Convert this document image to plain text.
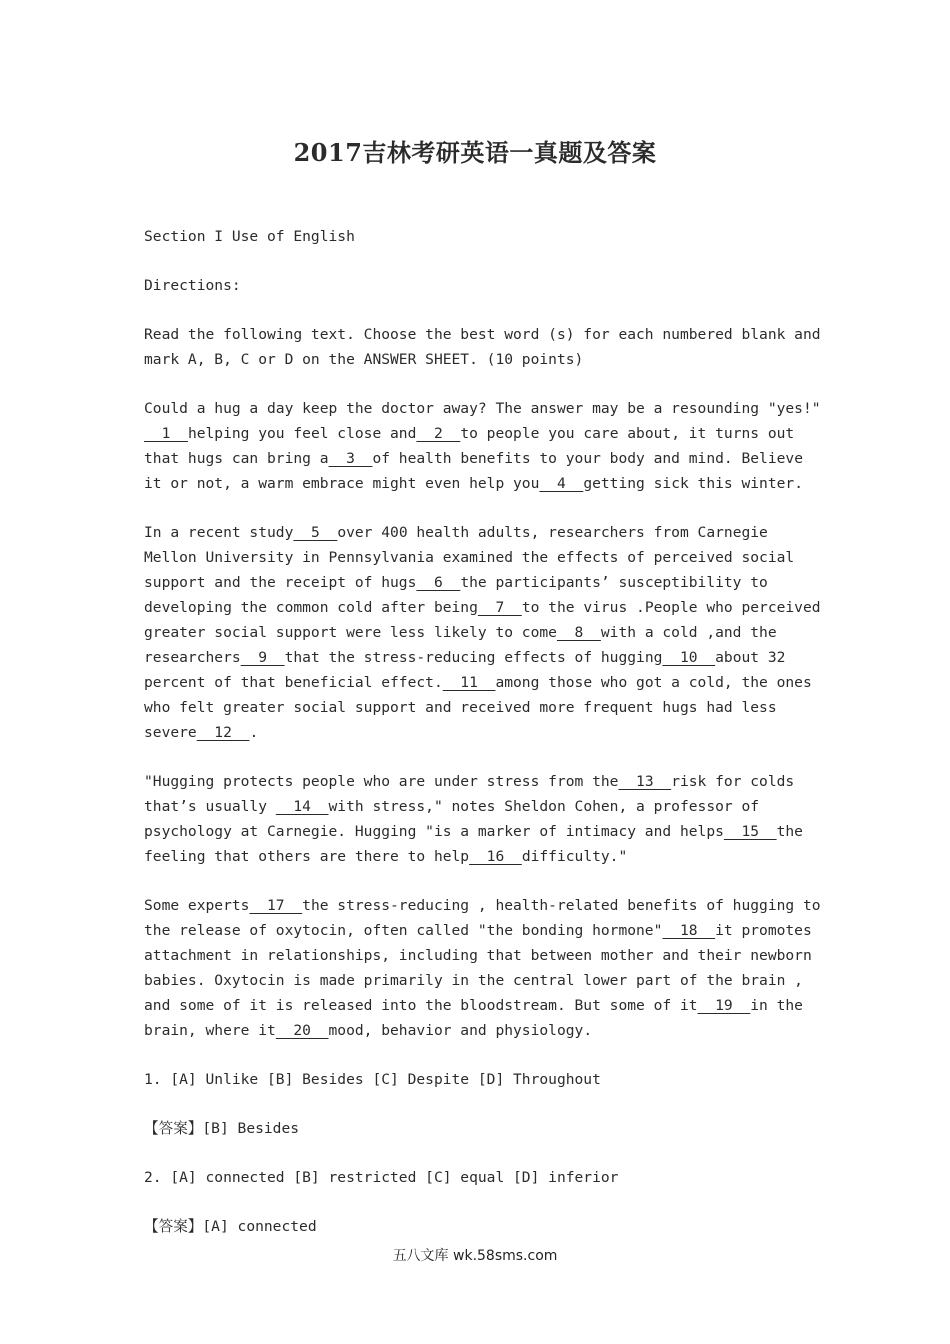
2017吉林考研英语一真题及答案

Section I Use of English

Directions:

Read the following text. Choose the best word (s) for each numbered blank and mark A, B, C or D on the ANSWER SHEET. (10 points)

Could a hug a day keep the doctor away? The answer may be a resounding "yes!"  1  helping you feel close and  2  to people you care about, it turns out that hugs can bring a  3  of health benefits to your body and mind. Believe it or not, a warm embrace might even help you  4  getting sick this winter.

In a recent study  5  over 400 health adults, researchers from Carnegie Mellon University in Pennsylvania examined the effects of perceived social support and the receipt of hugs  6  the participants’ susceptibility to developing the common cold after being  7  to the virus .People who perceived greater social support were less likely to come  8  with a cold ,and the researchers  9  that the stress-reducing effects of hugging  10  about 32 percent of that beneficial effect.  11  among those who got a cold, the ones who felt greater social support and received more frequent hugs had less severe  12  .

"Hugging protects people who are under stress from the  13  risk for colds that’s usually   14  with stress," notes Sheldon Cohen, a professor of psychology at Carnegie. Hugging "is a marker of intimacy and helps  15  the feeling that others are there to help  16  difficulty."

Some experts  17  the stress-reducing , health-related benefits of hugging to the release of oxytocin, often called "the bonding hormone"  18  it promotes attachment in relationships, including that between mother and their newborn babies. Oxytocin is made primarily in the central lower part of the brain , and some of it is released into the bloodstream. But some of it  19  in the brain, where it  20  mood, behavior and physiology.

1. [A] Unlike [B] Besides [C] Despite [D] Throughout

【答案】[B] Besides

2. [A] connected [B] restricted [C] equal [D] inferior

【答案】[A] connected

五八文库 wk.58sms.com
